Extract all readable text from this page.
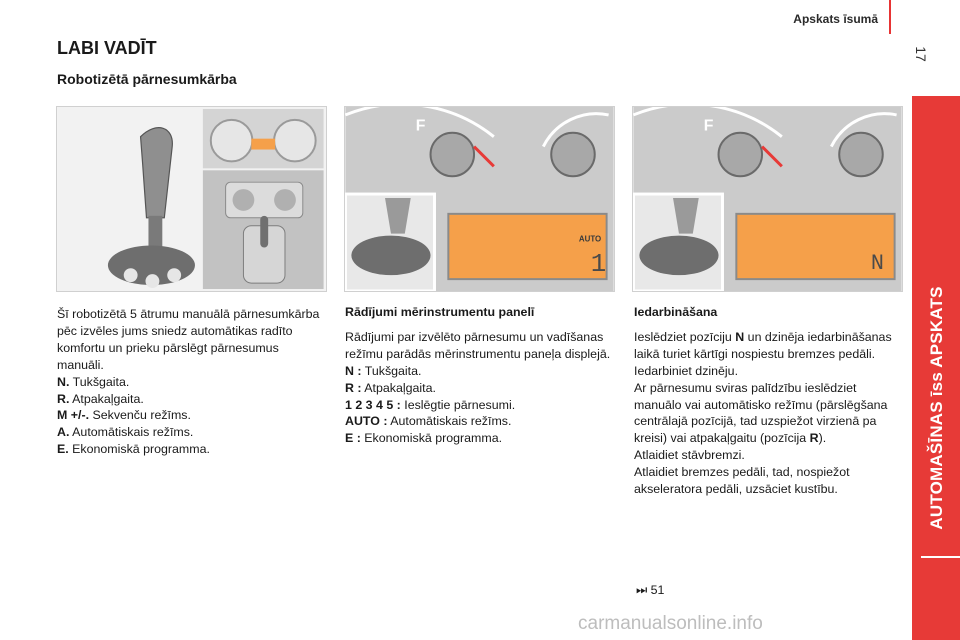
Apskats īsumā
17
AUTOMAŠĪNAS īss APSKATS
LABI VADĪT
Robotizētā pārnesumkārba
F
AUTO
1
F
N

Šī robotizētā 5 ātrumu manuālā pārnesumkārba pēc izvēles jums sniedz automātikas radīto komfortu un prieku pārslēgt pārnesumus manuāli.

N. Tukšgaita.

R. Atpakaļgaita.

M +/-. Sekvenču režīms.

A. Automātiskais režīms.

E. Ekonomiskā programma.

Rādījumi mērinstrumentu panelī

Rādījumi par izvēlēto pārnesumu un vadīšanas režīmu parādās mērinstrumentu paneļa displejā.

N : Tukšgaita.

R : Atpakaļgaita.

1 2 3 4 5 : Ieslēgtie pārnesumi.

AUTO : Automātiskais režīms.

E : Ekonomiskā programma.

Iedarbināšana

Ieslēdziet pozīciju N un dzinēja iedarbināšanas laikā turiet kārtīgi nospiestu bremzes pedāli.

Iedarbiniet dzinēju.

Ar pārnesumu sviras palīdzību ieslēdziet manuālo vai automātisko režīmu (pārslēgšana centrālajā pozīcijā, tad uzspiežot virzienā pa kreisi) vai atpakaļgaitu (pozīcija R).

Atlaidiet stāvbremzi.

Atlaidiet bremzes pedāli, tad, nospiežot akseleratora pedāli, uzsāciet kustību.

⏭ 51
carmanualsonline.info
